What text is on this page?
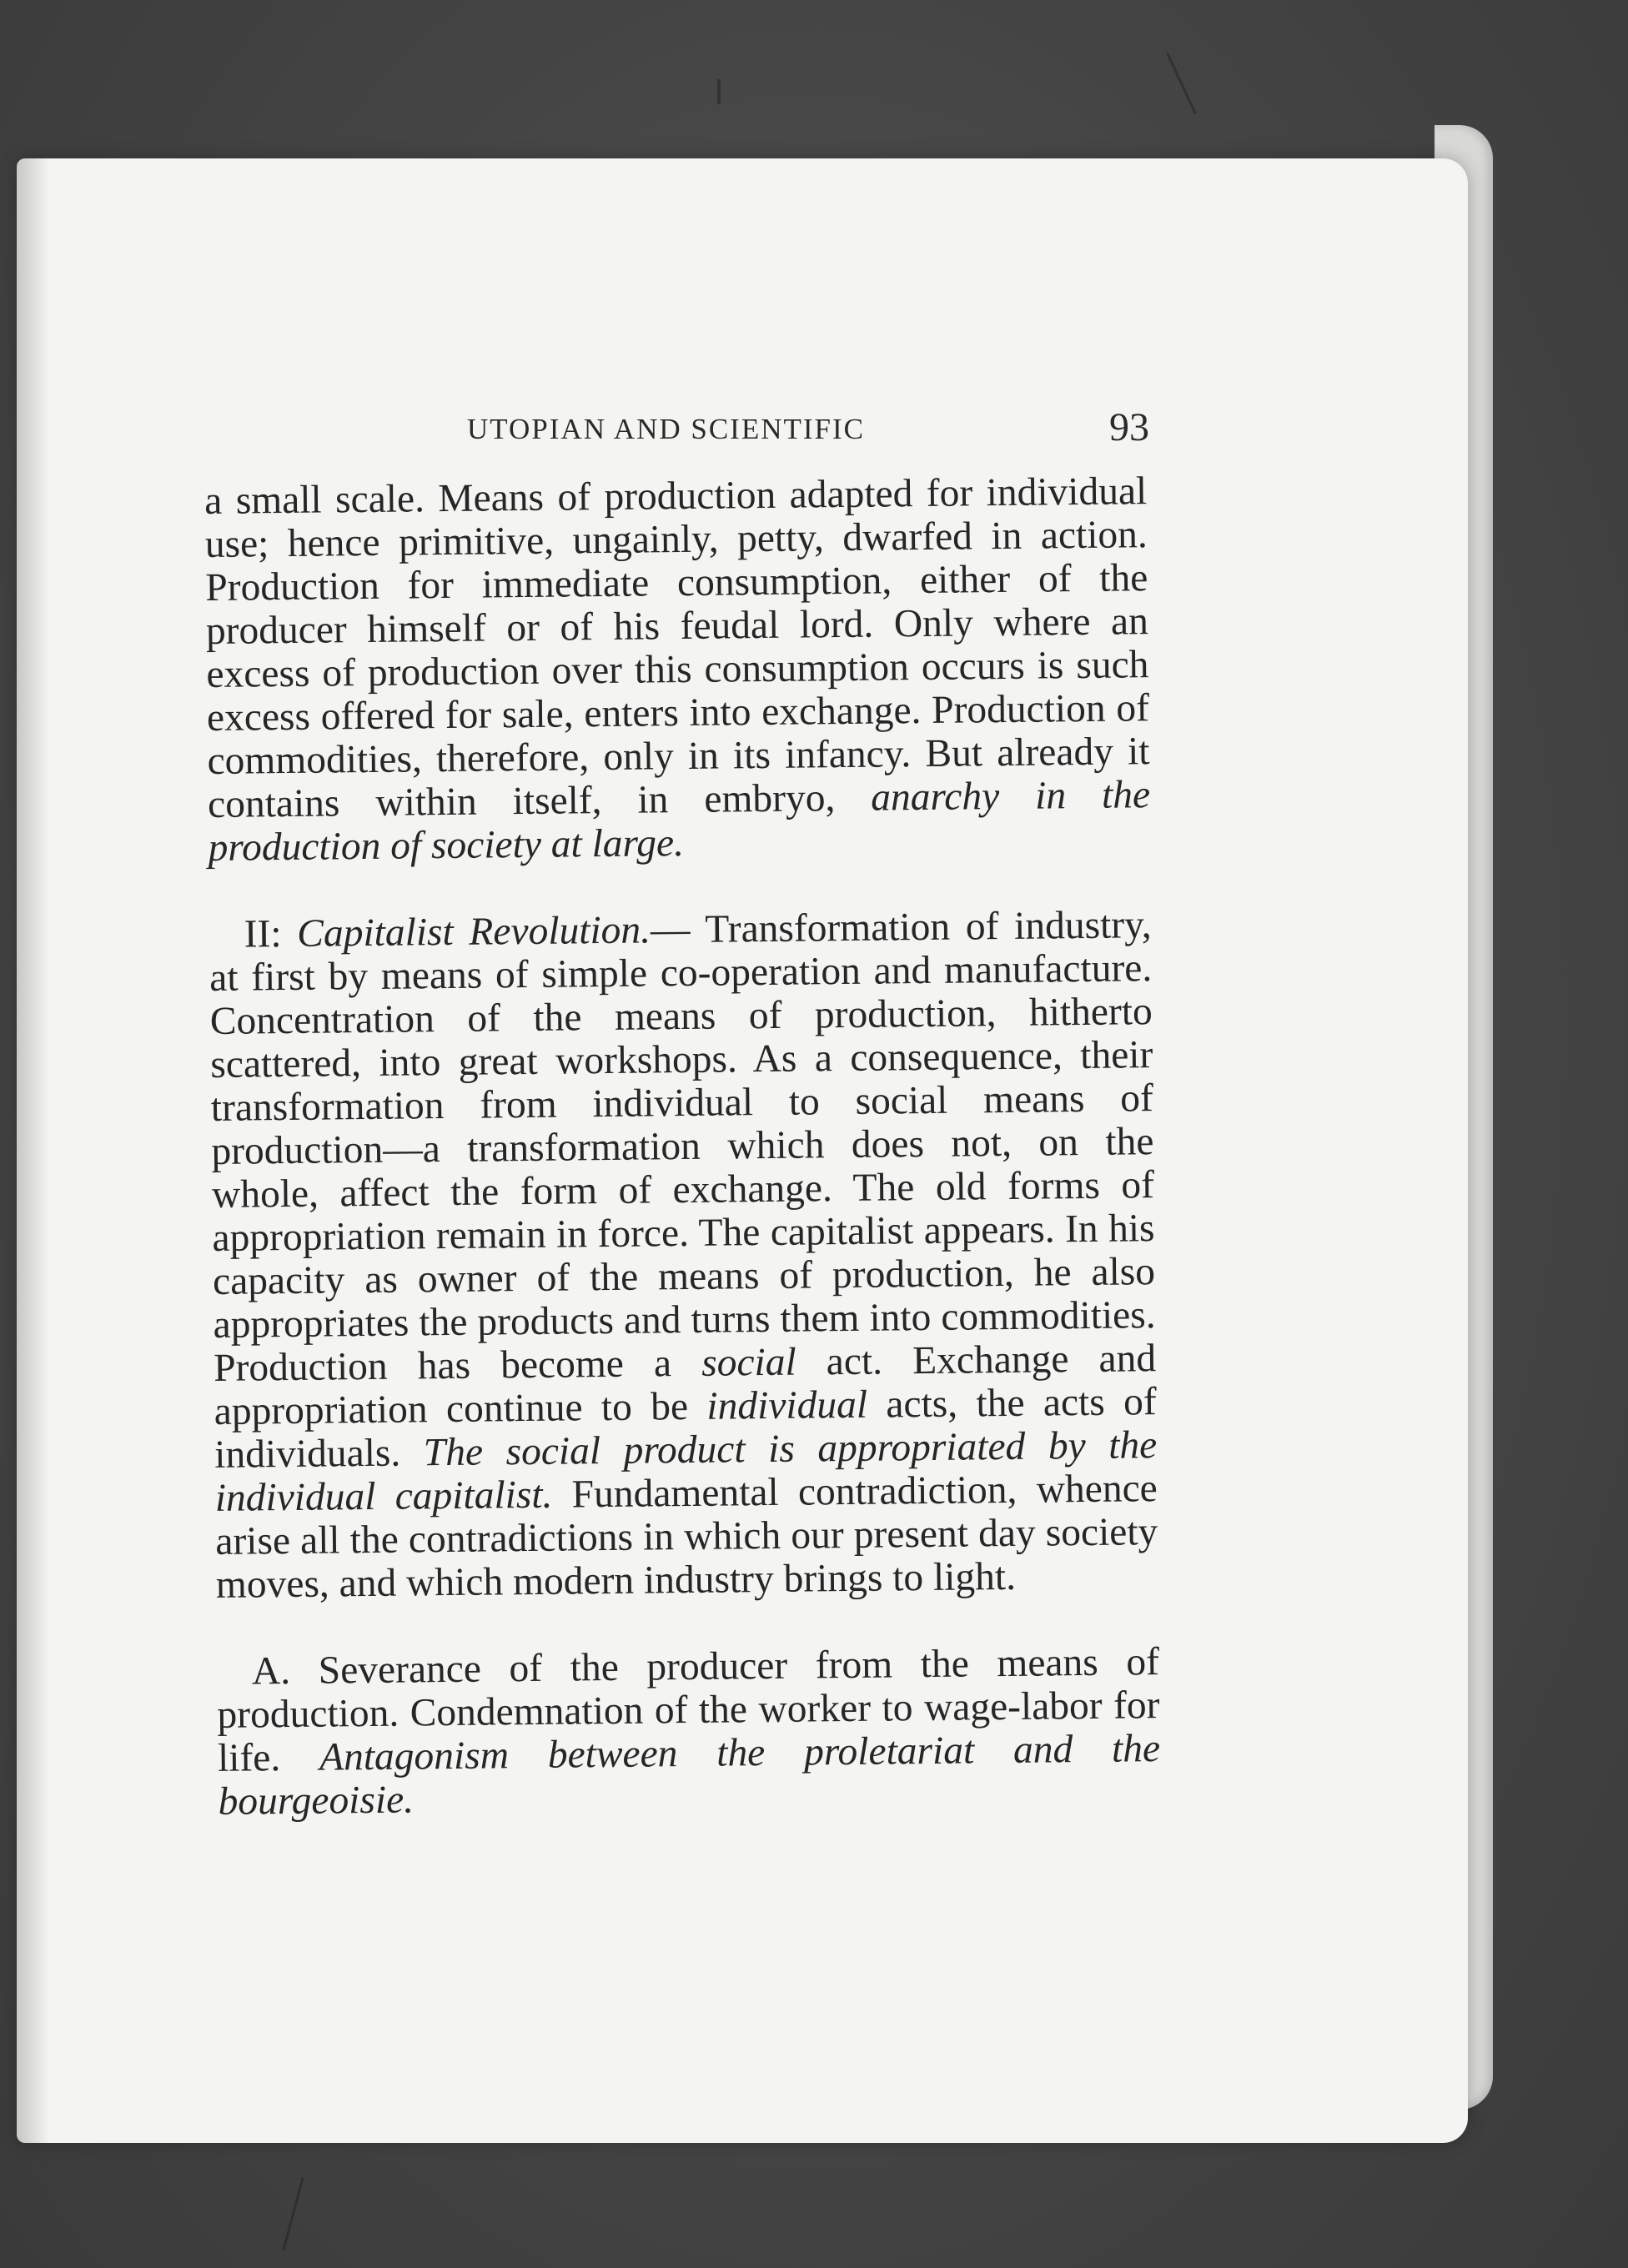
UTOPIAN AND SCIENTIFIC	93

a small scale. Means of production adapted for individual use; hence primitive, ungainly, petty, dwarfed in action. Production for immediate consumption, either of the producer himself or of his feudal lord. Only where an excess of production over this consumption occurs is such excess offered for sale, enters into exchange. Production of commodities, therefore, only in its infancy. But already it contains within itself, in embryo, anarchy in the production of society at large.

II: Capitalist Revolution.— Transformation of industry, at first by means of simple co-operation and manufacture. Concentration of the means of production, hitherto scattered, into great workshops. As a consequence, their transformation from individual to social means of production—a transformation which does not, on the whole, affect the form of exchange. The old forms of appropriation remain in force. The capitalist appears. In his capacity as owner of the means of production, he also appropriates the products and turns them into commodities. Production has become a social act. Exchange and appropriation continue to be individual acts, the acts of individuals. The social product is appropriated by the individual capitalist. Fundamental contradiction, whence arise all the contradictions in which our present day society moves, and which modern industry brings to light.

A. Severance of the producer from the means of production. Condemnation of the worker to wage-labor for life. Antagonism between the proletariat and the bourgeoisie.
